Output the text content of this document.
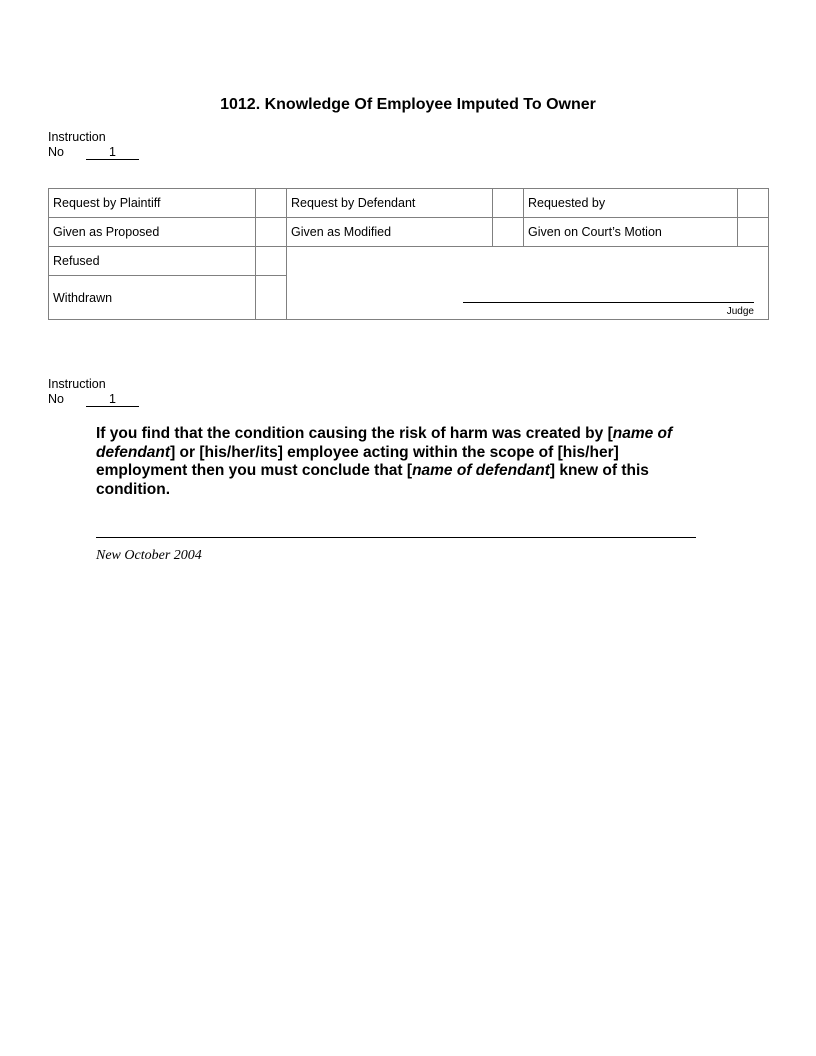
1012. Knowledge Of Employee Imputed To Owner
Instruction
No	1
Request by Plaintiff		Request by Defendant		Requested by	
Given as Proposed		Given as Modified		Given on Court’s Motion	
Refused		Judge			

Withdrawn					
Instruction
No	1
If you find that the condition causing the risk of harm was created by [name of defendant] or [his/her/its] employee acting within the scope of [his/her] employment then you must conclude that [name of defendant] knew of this condition.
New October 2004
